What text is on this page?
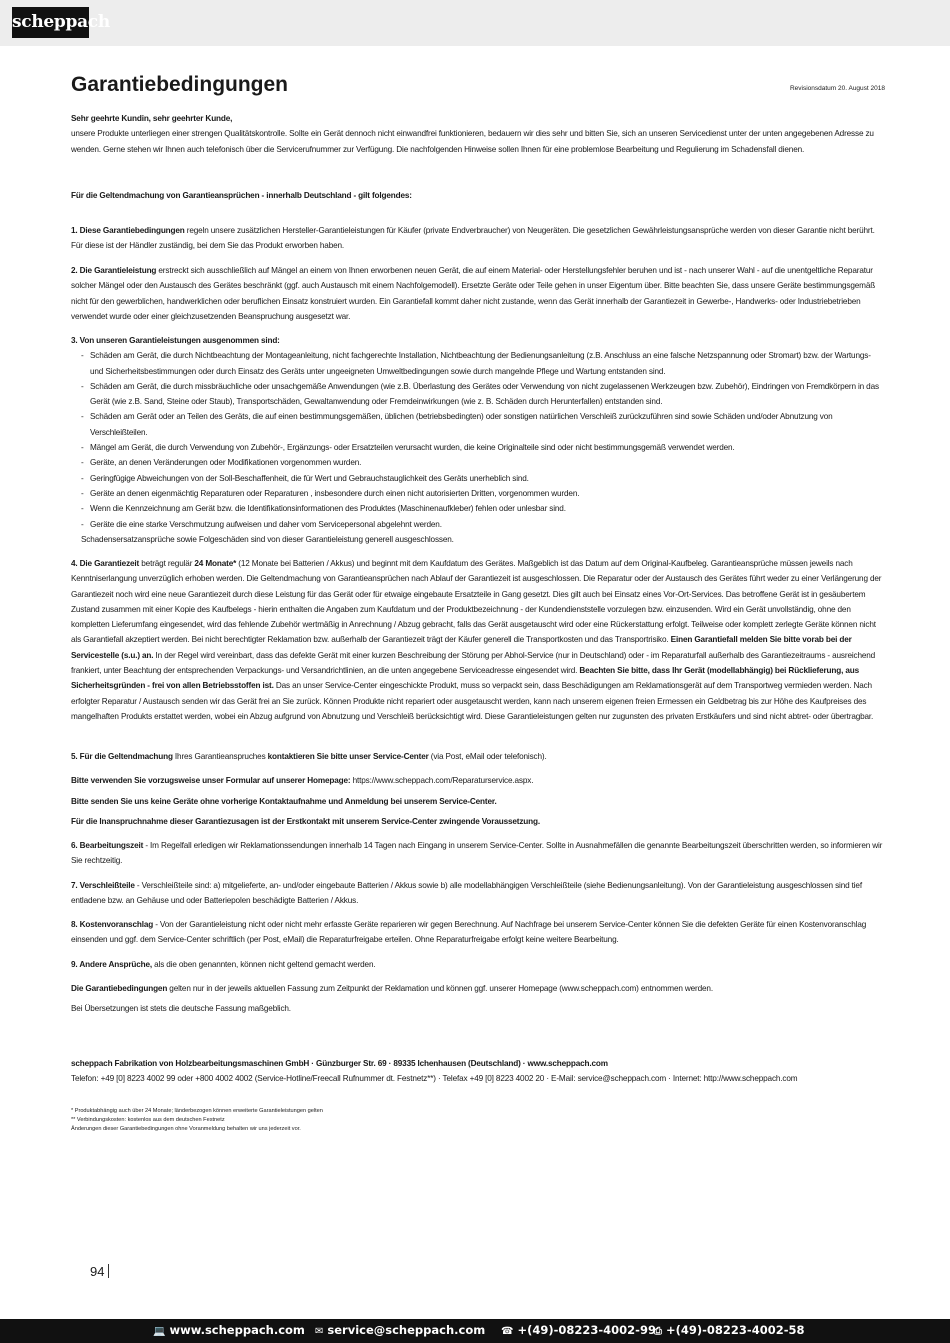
scheppach
Garantiebedingungen	Revisionsdatum 20. August 2018

Sehr geehrte Kundin, sehr geehrter Kunde,

unsere Produkte unterliegen einer strengen Qualitätskontrolle. Sollte ein Gerät dennoch nicht einwandfrei funktionieren, bedauern wir dies sehr und bitten Sie, sich an unseren Servicedienst unter der unten angegebenen Adresse zu wenden. Gerne stehen wir Ihnen auch telefonisch über die Servicerufnummer zur Verfügung. Die nachfolgenden Hinweise sollen Ihnen für eine problemlose Bearbeitung und Regulierung im Schadensfall dienen.

Für die Geltendmachung von Garantieansprüchen - innerhalb Deutschland - gilt folgendes:

1. Diese Garantiebedingungen regeln unsere zusätzlichen Hersteller-Garantieleistungen für Käufer (private Endverbraucher) von Neugeräten. Die gesetzlichen Gewährleistungsansprüche werden von dieser Garantie nicht berührt. Für diese ist der Händler zuständig, bei dem Sie das Produkt erworben haben.

2. Die Garantieleistung erstreckt sich ausschließlich auf Mängel an einem von Ihnen erworbenen neuen Gerät, die auf einem Material- oder Herstellungsfehler beruhen und ist - nach unserer Wahl - auf die unentgeltliche Reparatur solcher Mängel oder den Austausch des Gerätes beschränkt (ggf. auch Austausch mit einem Nachfolgemodell). Ersetzte Geräte oder Teile gehen in unser Eigentum über. Bitte beachten Sie, dass unsere Geräte bestimmungsgemäß nicht für den gewerblichen, handwerklichen oder beruflichen Einsatz konstruiert wurden. Ein Garantiefall kommt daher nicht zustande, wenn das Gerät innerhalb der Garantiezeit in Gewerbe-, Handwerks- oder Industriebetrieben verwendet wurde oder einer gleichzusetzenden Beanspruchung ausgesetzt war.

3. Von unseren Garantieleistungen ausgenommen sind:

- Schäden am Gerät, die durch Nichtbeachtung der Montageanleitung, nicht fachgerechte Installation, Nichtbeachtung der Bedienungsanleitung (z.B. Anschluss an eine falsche Netzspannung oder Stromart) bzw. der Wartungs- und Sicherheitsbestimmungen oder durch Einsatz des Geräts unter ungeeigneten Umweltbedingungen sowie durch mangelnde Pflege und Wartung entstanden sind.
- Schäden am Gerät, die durch missbräuchliche oder unsachgemäße Anwendungen (wie z.B. Überlastung des Gerätes oder Verwendung von nicht zugelassenen Werkzeugen bzw. Zubehör), Eindringen von Fremdkörpern in das Gerät (wie z.B. Sand, Steine oder Staub), Transportschäden, Gewaltanwendung oder Fremdeinwirkungen (wie z. B. Schäden durch Herunterfallen) entstanden sind.
- Schäden am Gerät oder an Teilen des Geräts, die auf einen bestimmungsgemäßen, üblichen (betriebsbedingten) oder sonstigen natürlichen Verschleiß zurückzuführen sind sowie Schäden und/oder Abnutzung von Verschleißteilen.
- Mängel am Gerät, die durch Verwendung von Zubehör-, Ergänzungs- oder Ersatzteilen verursacht wurden, die keine Originalteile sind oder nicht bestimmungsgemäß verwendet werden.
- Geräte, an denen Veränderungen oder Modifikationen vorgenommen wurden.
- Geringfügige Abweichungen von der Soll-Beschaffenheit, die für Wert und Gebrauchstauglichkeit des Geräts unerheblich sind.
- Geräte an denen eigenmächtig Reparaturen oder Reparaturen , insbesondere durch einen nicht autorisierten Dritten, vorgenommen wurden.
- Wenn die Kennzeichnung am Gerät bzw. die Identifikationsinformationen des Produktes (Maschinenaufkleber) fehlen oder unlesbar sind.
- Geräte die eine starke Verschmutzung aufweisen und daher vom Servicepersonal abgelehnt werden.

Schadensersatzansprüche sowie Folgeschäden sind von dieser Garantieleistung generell ausgeschlossen.

4. Die Garantiezeit beträgt regulär 24 Monate* (12 Monate bei Batterien / Akkus) und beginnt mit dem Kaufdatum des Gerätes. Maßgeblich ist das Datum auf dem Original-Kaufbeleg. Garantieansprüche müssen jeweils nach Kenntniserlangung unverzüglich erhoben werden. Die Geltendmachung von Garantieansprüchen nach Ablauf der Garantiezeit ist ausgeschlossen. Die Reparatur oder der Austausch des Gerätes führt weder zu einer Verlängerung der Garantiezeit noch wird eine neue Garantiezeit durch diese Leistung für das Gerät oder für etwaige eingebaute Ersatzteile in Gang gesetzt. Dies gilt auch bei Einsatz eines Vor-Ort-Services. Das betroffene Gerät ist in gesäubertem Zustand zusammen mit einer Kopie des Kaufbelegs - hierin enthalten die Angaben zum Kaufdatum und der Produktbezeichnung - der Kundendienststelle vorzulegen bzw. einzusenden. Wird ein Gerät unvollständig, ohne den kompletten Lieferumfang eingesendet, wird das fehlende Zubehör wertmäßig in Anrechnung / Abzug gebracht, falls das Gerät ausgetauscht wird oder eine Rückerstattung erfolgt. Teilweise oder komplett zerlegte Geräte können nicht als Garantiefall akzeptiert werden. Bei nicht berechtigter Reklamation bzw. außerhalb der Garantiezeit trägt der Käufer generell die Transportkosten und das Transportrisiko. Einen Garantiefall melden Sie bitte vorab bei der Servicestelle (s.u.) an. In der Regel wird vereinbart, dass das defekte Gerät mit einer kurzen Beschreibung der Störung per Abhol-Service (nur in Deutschland) oder - im Reparaturfall außerhalb des Garantiezeitraums - ausreichend frankiert, unter Beachtung der entsprechenden Verpackungs- und Versandrichtlinien, an die unten angegebene Serviceadresse eingesendet wird. Beachten Sie bitte, dass Ihr Gerät (modellabhängig) bei Rücklieferung, aus Sicherheitsgründen - frei von allen Betriebsstoffen ist. Das an unser Service-Center eingeschickte Produkt, muss so verpackt sein, dass Beschädigungen am Reklamationsgerät auf dem Transportweg vermieden werden. Nach erfolgter Reparatur / Austausch senden wir das Gerät frei an Sie zurück. Können Produkte nicht repariert oder ausgetauscht werden, kann nach unserem eigenen freien Ermessen ein Geldbetrag bis zur Höhe des Kaufpreises des mangelhaften Produkts erstattet werden, wobei ein Abzug aufgrund von Abnutzung und Verschleiß berücksichtigt wird. Diese Garantieleistungen gelten nur zugunsten des privaten Erstkäufers und sind nicht abtret- oder übertragbar.

5. Für die Geltendmachung Ihres Garantieanspruches kontaktieren Sie bitte unser Service-Center (via Post, eMail oder telefonisch).

Bitte verwenden Sie vorzugsweise unser Formular auf unserer Homepage: https://www.scheppach.com/Reparaturservice.aspx.

Bitte senden Sie uns keine Geräte ohne vorherige Kontaktaufnahme und Anmeldung bei unserem Service-Center.

Für die Inanspruchnahme dieser Garantiezusagen ist der Erstkontakt mit unserem Service-Center zwingende Voraussetzung.

6. Bearbeitungszeit - Im Regelfall erledigen wir Reklamationssendungen innerhalb 14 Tagen nach Eingang in unserem Service-Center. Sollte in Ausnahmefällen die genannte Bearbeitungszeit überschritten werden, so informieren wir Sie rechtzeitig.

7. Verschleißteile - Verschleißteile sind: a) mitgelieferte, an- und/oder eingebaute Batterien / Akkus sowie b) alle modellabhängigen Verschleißteile (siehe Bedienungsanleitung). Von der Garantieleistung ausgeschlossen sind tief entladene bzw. an Gehäuse und oder Batteriepolen beschädigte Batterien / Akkus.

8. Kostenvoranschlag - Von der Garantieleistung nicht oder nicht mehr erfasste Geräte reparieren wir gegen Berechnung. Auf Nachfrage bei unserem Service-Center können Sie die defekten Geräte für einen Kostenvoranschlag einsenden und ggf. dem Service-Center schriftlich (per Post, eMail) die Reparaturfreigabe erteilen. Ohne Reparaturfreigabe erfolgt keine weitere Bearbeitung.

9. Andere Ansprüche, als die oben genannten, können nicht geltend gemacht werden.

Die Garantiebedingungen gelten nur in der jeweils aktuellen Fassung zum Zeitpunkt der Reklamation und können ggf. unserer Homepage (www.scheppach.com) entnommen werden.

Bei Übersetzungen ist stets die deutsche Fassung maßgeblich.

scheppach Fabrikation von Holzbearbeitungsmaschinen GmbH · Günzburger Str. 69 · 89335 Ichenhausen (Deutschland) · www.scheppach.com

Telefon: +49 [0] 8223 4002 99 oder +800 4002 4002 (Service-Hotline/Freecall Rufnummer dt. Festnetz**) · Telefax +49 [0] 8223 4002 20 · E-Mail: service@scheppach.com · Internet: http://www.scheppach.com

* Produktabhängig auch über 24 Monate; länderbezogen können erweiterte Garantieleistungen gelten
** Verbindungskosten: kostenlos aus dem deutschen Festnetz
Änderungen dieser Garantiebedingungen ohne Voranmeldung behalten wir uns jederzeit vor.
94
💻 www.scheppach.com ✉ service@scheppach.com ☎ +(49)-08223-4002-99
⎙ +(49)-08223-4002-58
